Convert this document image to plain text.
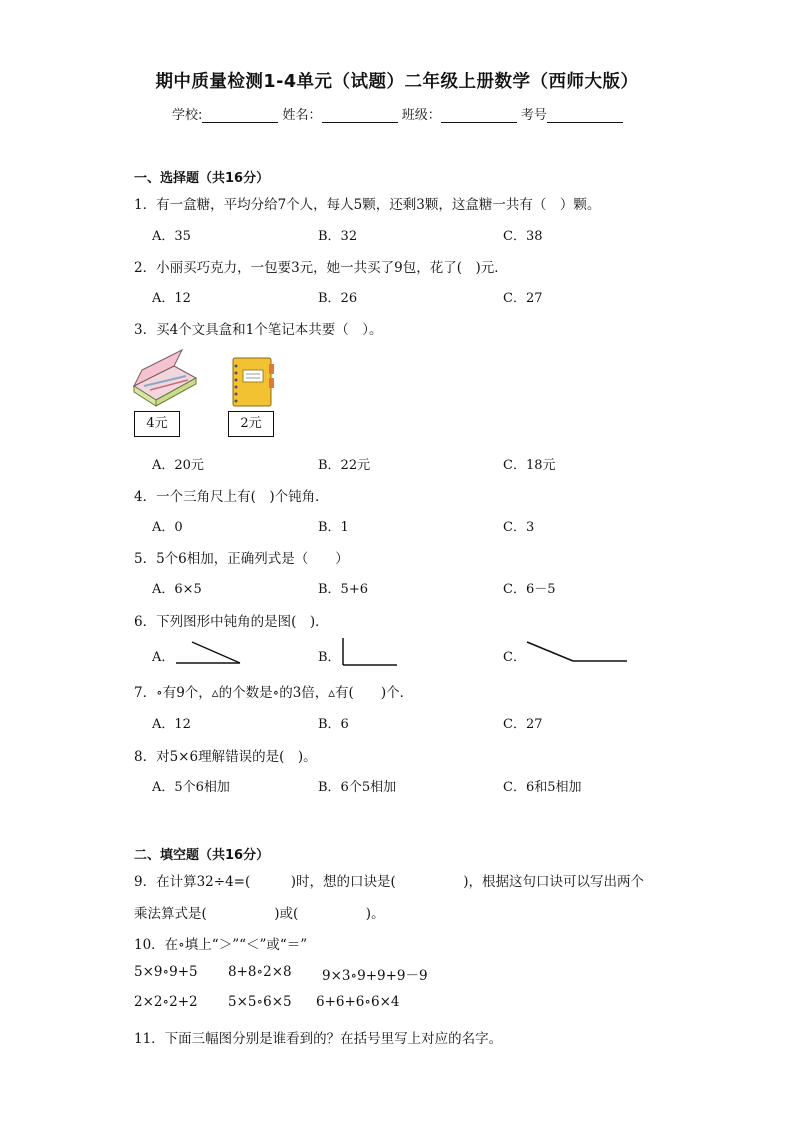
期中质量检测1-4单元（试题）二年级上册数学（西师大版）
学校:	姓名：	班级：	考号
一、选择题（共16分）
1．有一盒糖，平均分给7个人，每人5颗，还剩3颗，这盒糖一共有（　）颗。
A．35	B．32	C．38
2．小丽买巧克力，一包要3元，她一共买了9包，花了(　)元．
A．12	B．26	C．27
3．买4个文具盒和1个笔记本共要（　）。
4元	2元
A．20元	B．22元	C．18元
4．一个三角尺上有(　)个钝角．
A．0	B．1	C．3
5．5个6相加，正确列式是（　　）
A．6×5	B．5+6	C．6－5
6．下列图形中钝角的是图(　)．
A．	B．	C．
7．∘有9个，▵的个数是∘的3倍，▵有(　　)个．
A．12	B．6	C．27
8．对5×6理解错误的是(　)。
A．5个6相加	B．6个5相加	C．6和5相加
二、填空题（共16分）
9．在计算32÷4=(　　　)时，想的口诀是(　　　　　)，根据这句口诀可以写出两个
乘法算式是(　　　　　)或(　　　　　)。
10．在∘填上“＞”“＜”或“＝”
5×9∘9+5 8+8∘2×8 9×3∘9+9+9－9
2×2∘2+2 5×5∘6×5 6+6+6∘6×4
11．下面三幅图分别是谁看到的？在括号里写上对应的名字。
